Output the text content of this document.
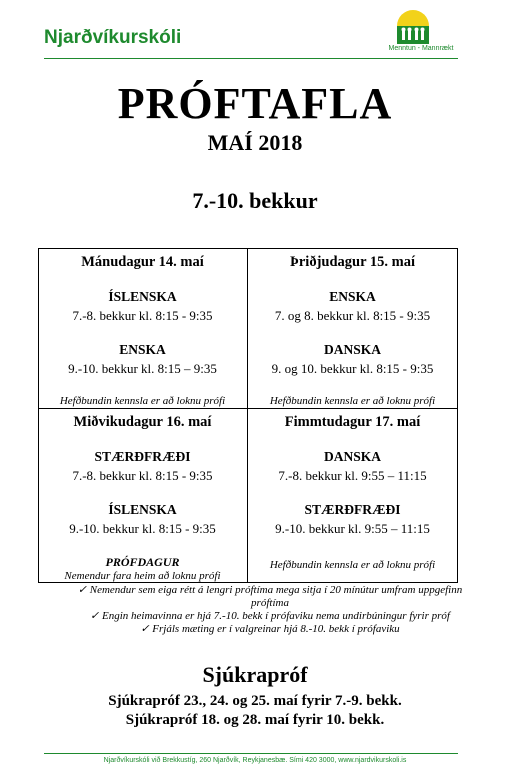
Njarðvíkurskóli
Menntun - Mannrækt
PRÓFTAFLA
MAÍ 2018
7.-10. bekkur
Mánudagur 14. maí
ÍSLENSKA
7.-8. bekkur kl. 8:15 - 9:35
ENSKA
9.-10. bekkur kl. 8:15 – 9:35
Hefðbundin kennsla er að loknu prófi
Þriðjudagur 15. maí
ENSKA
7. og 8. bekkur kl. 8:15 - 9:35
DANSKA
9. og 10. bekkur kl. 8:15 - 9:35
Hefðbundin kennsla er að loknu prófi
Miðvikudagur 16. maí
STÆRÐFRÆÐI
7.-8. bekkur kl. 8:15 - 9:35
ÍSLENSKA
9.-10. bekkur kl. 8:15 - 9:35
PRÓFDAGUR
Nemendur fara heim að loknu prófi
Fimmtudagur 17. maí
DANSKA
7.-8. bekkur kl. 9:55 – 11:15
STÆRÐFRÆÐI
9.-10. bekkur kl. 9:55 – 11:15
Hefðbundin kennsla er að loknu prófi
✓ Nemendur sem eiga rétt á lengri próftíma mega sitja í 20 mínútur umfram uppgefinn próftíma
✓ Engin heimavinna er hjá 7.-10. bekk í prófaviku nema undirbúningur fyrir próf
✓ Frjáls mæting er í valgreinar hjá 8.-10. bekk í prófaviku
Sjúkrapróf
Sjúkrapróf 23., 24. og 25. maí fyrir 7.-9. bekk.
Sjúkrapróf 18. og 28. maí fyrir 10. bekk.
Njarðvíkurskóli við Brekkustíg, 260 Njarðvík, Reykjanesbæ. Sími 420 3000, www.njardvikurskoli.is
